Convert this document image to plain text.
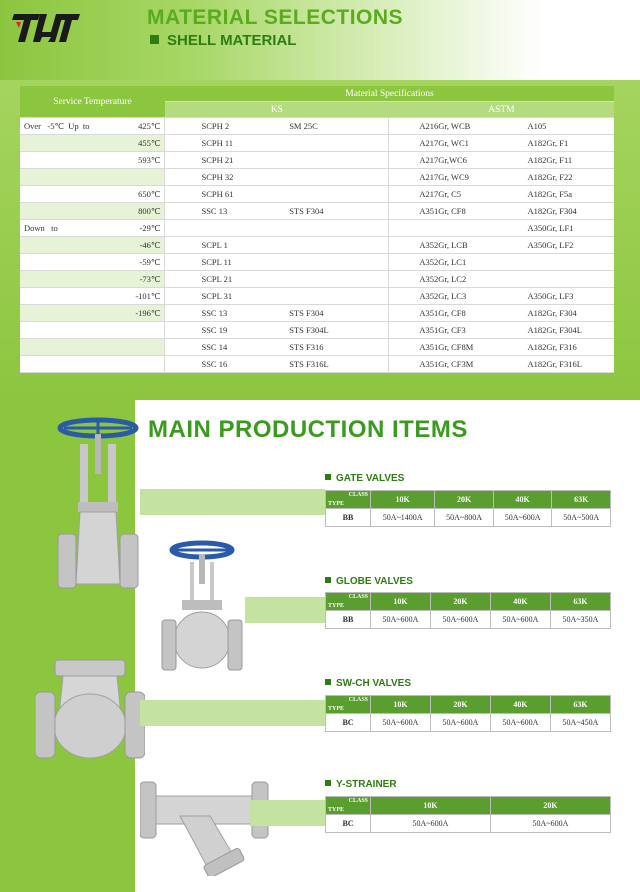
MATERIAL SELECTIONS
SHELL MATERIAL
Service Temperature	Material Specifications			
	KS		ASTM	

Over   -5℃  Up  to 425℃	SCPH 2	SM 25C	A216Gr, WCB	A105

455℃	SCPH 11		A217Gr, WC1	A182Gr, F1

593℃	SCPH 21		A217Gr,WC6	A182Gr, F11

	SCPH 32		A217Gr, WC9	A182Gr, F22

650℃	SCPH 61		A217Gr, C5	A182Gr, F5a

800℃	SSC 13	STS F304	A351Gr, CF8	A182Gr, F304

Down   to -29℃				A350Gr, LF1

-46℃	SCPL 1		A352Gr, LCB	A350Gr, LF2

-59℃	SCPL 11		A352Gr, LC1	

-73℃	SCPL 21		A352Gr, LC2	

-101℃	SCPL 31		A352Gr, LC3	A350Gr, LF3

-196℃	SSC 13	STS F304	A351Gr, CF8	A182Gr, F304

	SSC 19	STS F304L	A351Gr, CF3	A182Gr, F304L

	SSC 14	STS F316	A351Gr, CF8M	A182Gr, F316

	SSC 16	STS F316L	A351Gr, CF3M	A182Gr, F316L
MAIN PRODUCTION ITEMS
GATE VALVES
CLASS
TYPE	10K	20K	40K	63K
BB	50A~1400A	50A~800A	50A~600A	50A~500A
GLOBE VALVES
CLASS
TYPE	10K	20K	40K	63K
BB	50A~600A	50A~600A	50A~600A	50A~350A
SW-CH VALVES
CLASS
TYPE	10K	20K	40K	63K
BC	50A~600A	50A~600A	50A~600A	50A~450A
Y-STRAINER
CLASS
TYPE	10K	20K
BC	50A~600A	50A~600A
